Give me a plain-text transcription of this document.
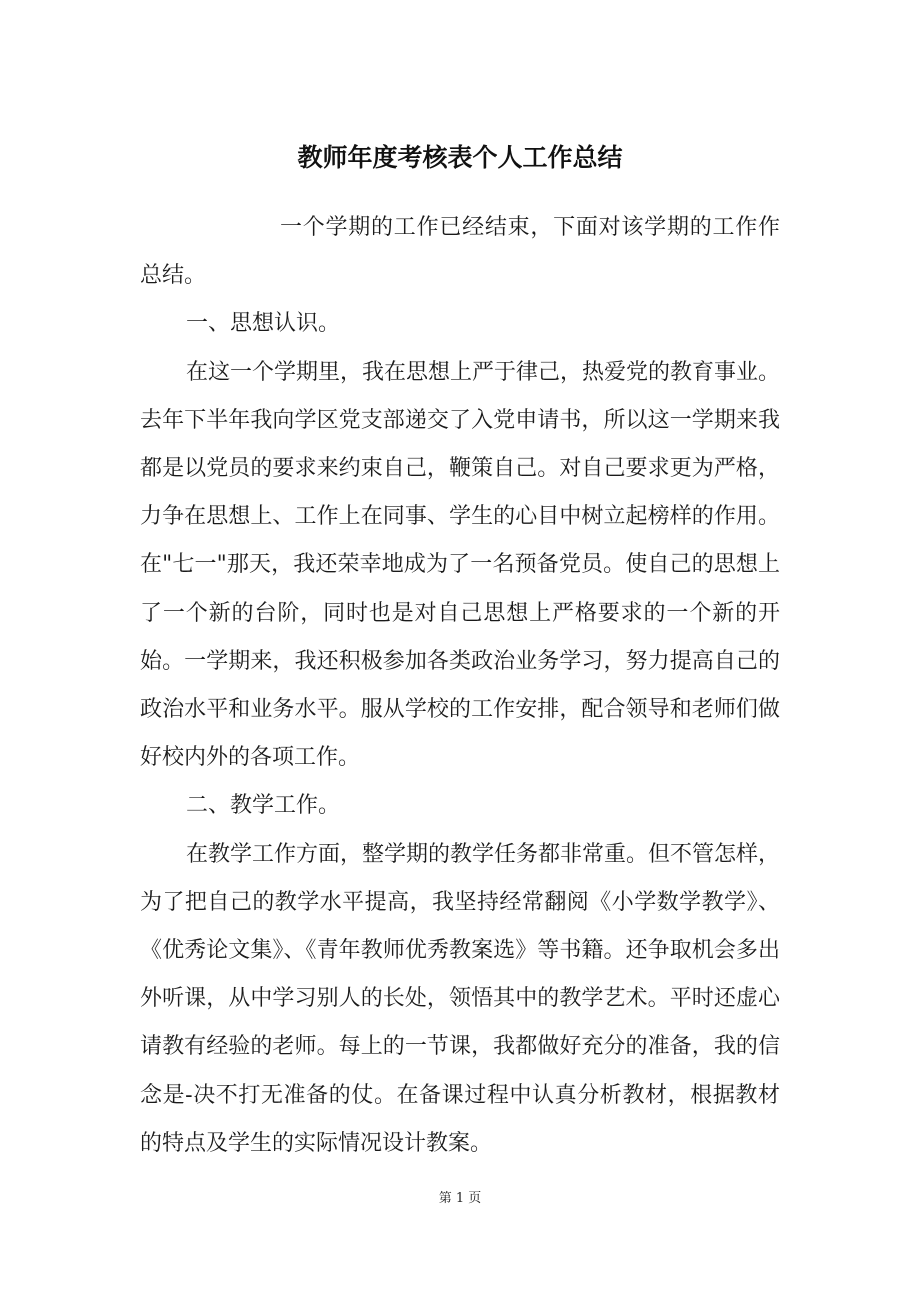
教师年度考核表个人工作总结

一个学期的工作已经结束，下面对该学期的工作作总结。

一、思想认识。

在这一个学期里，我在思想上严于律己，热爱党的教育事业。去年下半年我向学区党支部递交了入党申请书，所以这一学期来我都是以党员的要求来约束自己，鞭策自己。对自己要求更为严格，力争在思想上、工作上在同事、学生的心目中树立起榜样的作用。在"七一"那天，我还荣幸地成为了一名预备党员。使自己的思想上了一个新的台阶，同时也是对自己思想上严格要求的一个新的开始。一学期来，我还积极参加各类政治业务学习，努力提高自己的政治水平和业务水平。服从学校的工作安排，配合领导和老师们做好校内外的各项工作。

二、教学工作。

在教学工作方面，整学期的教学任务都非常重。但不管怎样，为了把自己的教学水平提高，我坚持经常翻阅《小学数学教学》、《优秀论文集》、《青年教师优秀教案选》等书籍。还争取机会多出外听课，从中学习别人的长处，领悟其中的教学艺术。平时还虚心请教有经验的老师。每上的一节课，我都做好充分的准备，我的信念是-决不打无准备的仗。在备课过程中认真分析教材，根据教材的特点及学生的实际情况设计教案。

第 1 页
